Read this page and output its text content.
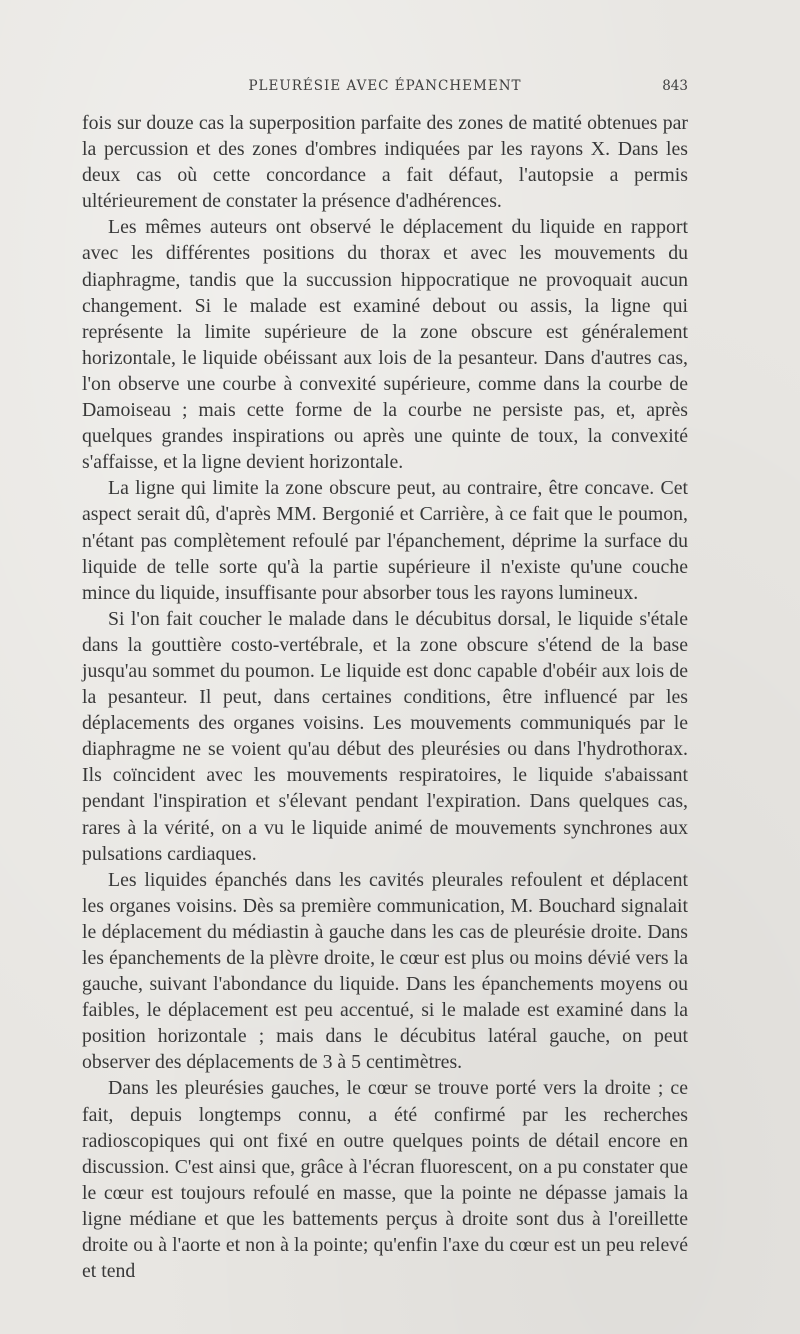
PLEURÉSIE AVEC ÉPANCHEMENT	843

fois sur douze cas la superposition parfaite des zones de matité obtenues par la percussion et des zones d'ombres indiquées par les rayons X. Dans les deux cas où cette concordance a fait défaut, l'autopsie a permis ultérieurement de constater la présence d'adhérences.

Les mêmes auteurs ont observé le déplacement du liquide en rapport avec les différentes positions du thorax et avec les mouvements du diaphragme, tandis que la succussion hippocratique ne provoquait aucun changement. Si le malade est examiné debout ou assis, la ligne qui représente la limite supérieure de la zone obscure est généralement horizontale, le liquide obéissant aux lois de la pesanteur. Dans d'autres cas, l'on observe une courbe à convexité supérieure, comme dans la courbe de Damoiseau ; mais cette forme de la courbe ne persiste pas, et, après quelques grandes inspirations ou après une quinte de toux, la convexité s'affaisse, et la ligne devient horizontale.

La ligne qui limite la zone obscure peut, au contraire, être concave. Cet aspect serait dû, d'après MM. Bergonié et Carrière, à ce fait que le poumon, n'étant pas complètement refoulé par l'épanchement, déprime la surface du liquide de telle sorte qu'à la partie supérieure il n'existe qu'une couche mince du liquide, insuffisante pour absorber tous les rayons lumineux.

Si l'on fait coucher le malade dans le décubitus dorsal, le liquide s'étale dans la gouttière costo-vertébrale, et la zone obscure s'étend de la base jusqu'au sommet du poumon. Le liquide est donc capable d'obéir aux lois de la pesanteur. Il peut, dans certaines conditions, être influencé par les déplacements des organes voisins. Les mouvements communiqués par le diaphragme ne se voient qu'au début des pleurésies ou dans l'hydrothorax. Ils coïncident avec les mouvements respiratoires, le liquide s'abaissant pendant l'inspiration et s'élevant pendant l'expiration. Dans quelques cas, rares à la vérité, on a vu le liquide animé de mouvements synchrones aux pulsations cardiaques.

Les liquides épanchés dans les cavités pleurales refoulent et déplacent les organes voisins. Dès sa première communication, M. Bouchard signalait le déplacement du médiastin à gauche dans les cas de pleurésie droite. Dans les épanchements de la plèvre droite, le cœur est plus ou moins dévié vers la gauche, suivant l'abondance du liquide. Dans les épanchements moyens ou faibles, le déplacement est peu accentué, si le malade est examiné dans la position horizontale ; mais dans le décubitus latéral gauche, on peut observer des déplacements de 3 à 5 centimètres.

Dans les pleurésies gauches, le cœur se trouve porté vers la droite ; ce fait, depuis longtemps connu, a été confirmé par les recherches radioscopiques qui ont fixé en outre quelques points de détail encore en discussion. C'est ainsi que, grâce à l'écran fluorescent, on a pu constater que le cœur est toujours refoulé en masse, que la pointe ne dépasse jamais la ligne médiane et que les battements perçus à droite sont dus à l'oreillette droite ou à l'aorte et non à la pointe; qu'enfin l'axe du cœur est un peu relevé et tend
